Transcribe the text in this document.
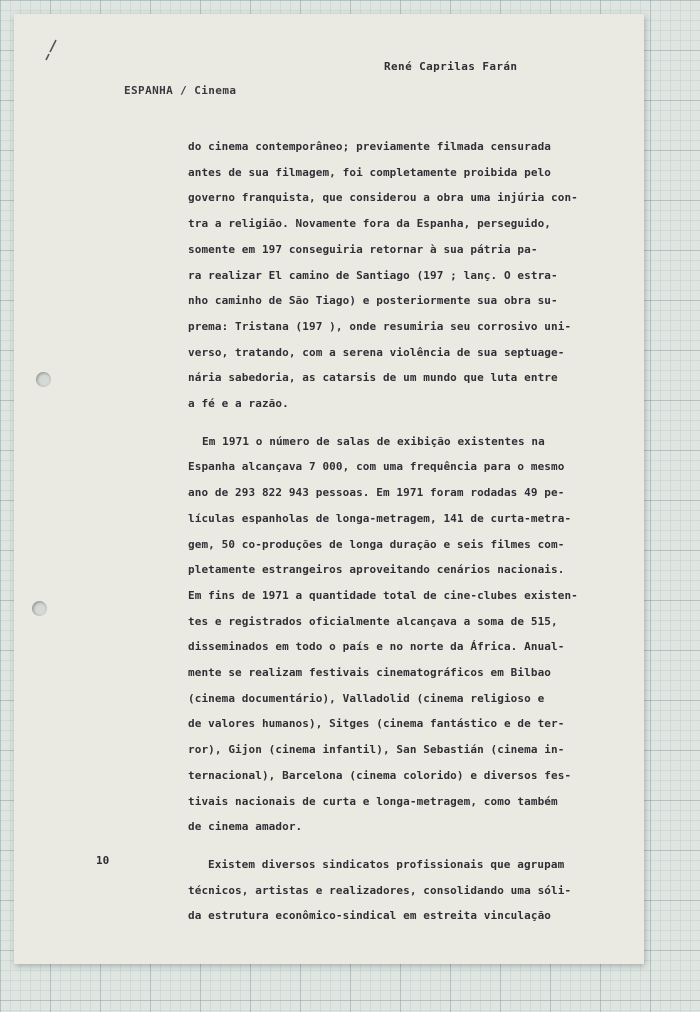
René Caprilas Farán
ESPANHA / Cinema
do cinema contemporâneo; previamente filmada censurada
antes de sua filmagem, foi completamente proibida pelo
governo franquista, que considerou a obra uma injúria con-
tra a religião. Novamente fora da Espanha, perseguido,
somente em 197 conseguiria retornar à sua pátria pa-
ra realizar El camino de Santiago (197 ; lanç. O estra-
nho caminho de São Tiago) e posteriormente sua obra su-
prema: Tristana (197 ), onde resumiria seu corrosivo uni-
verso, tratando, com a serena violência de sua septuage-
nária sabedoria, as catarsis de um mundo que luta entre
a fé e a razão.
Em 1971 o número de salas de exibição existentes na
Espanha alcançava 7 000, com uma frequência para o mesmo
ano de 293 822 943 pessoas. Em 1971 foram rodadas 49 pe-
lículas espanholas de longa-metragem, 141 de curta-metra-
gem, 50 co-produções de longa duração e seis filmes com-
pletamente estrangeiros aproveitando cenários nacionais.
Em fins de 1971 a quantidade total de cine-clubes existen-
tes e registrados oficialmente alcançava a soma de 515,
disseminados em todo o país e no norte da África. Anual-
mente se realizam festivais cinematográficos em Bilbao
(cinema documentário), Valladolid (cinema religioso e
de valores humanos), Sitges (cinema fantástico e de ter-
ror), Gijon (cinema infantil), San Sebastián (cinema in-
ternacional), Barcelona (cinema colorido) e diversos fes-
tivais nacionais de curta e longa-metragem, como também
de cinema amador.
Existem diversos sindicatos profissionais que agrupam
técnicos, artistas e realizadores, consolidando uma sóli-
da estrutura econômico-sindical em estreita vinculação
10
